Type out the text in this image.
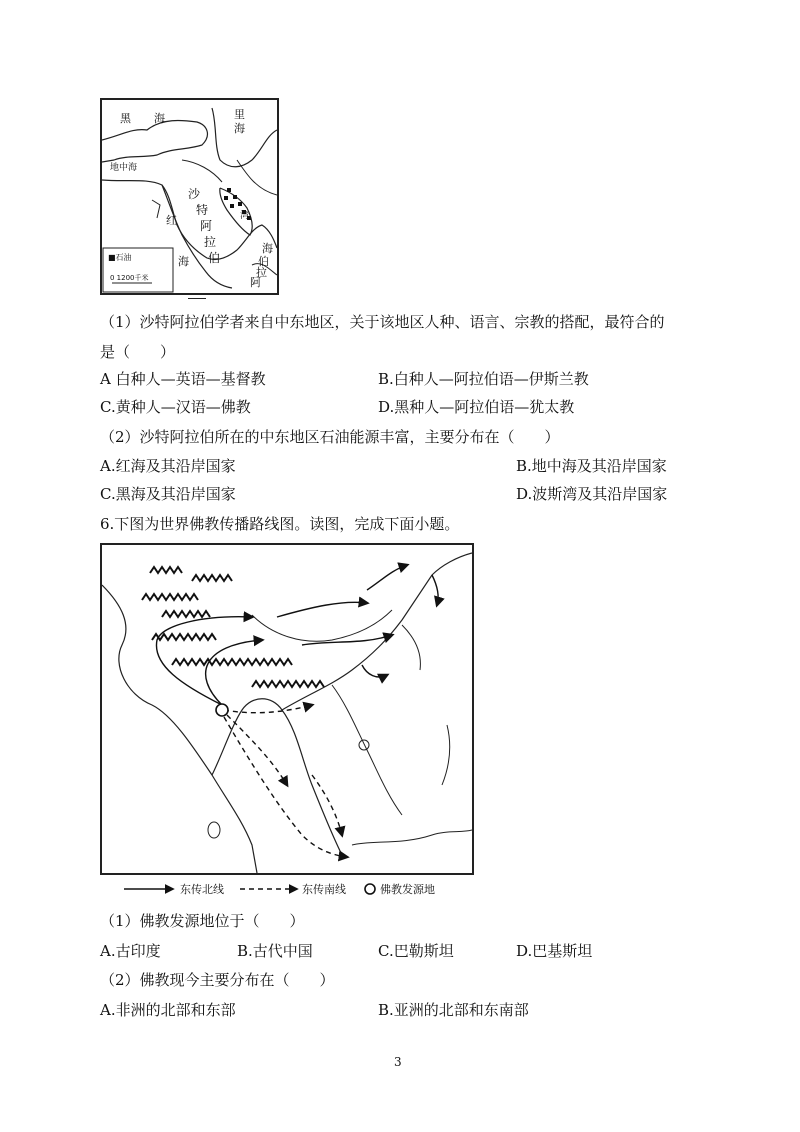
黑 海	里
海
地中海
沙
特
阿
拉
伯
红
海
海
伯
拉
阿
湾
■石油
0 1200千米
（1）沙特阿拉伯学者来自中东地区，关于该地区人种、语言、宗教的搭配，最符合的
是（　　）
A 白种人—英语—基督教	B.白种人—阿拉伯语—伊斯兰教
C.黄种人—汉语—佛教	D.黑种人—阿拉伯语—犹太教
（2）沙特阿拉伯所在的中东地区石油能源丰富，主要分布在（　　）
A.红海及其沿岸国家	B.地中海及其沿岸国家
C.黑海及其沿岸国家	D.波斯湾及其沿岸国家
6.下图为世界佛教传播路线图。读图，完成下面小题。
东传北线	东传南线	佛教发源地
（1）佛教发源地位于（　　）
A.古印度	B.古代中国	C.巴勒斯坦	D.巴基斯坦
（2）佛教现今主要分布在（　　）
A.非洲的北部和东部	B.亚洲的北部和东南部
3
